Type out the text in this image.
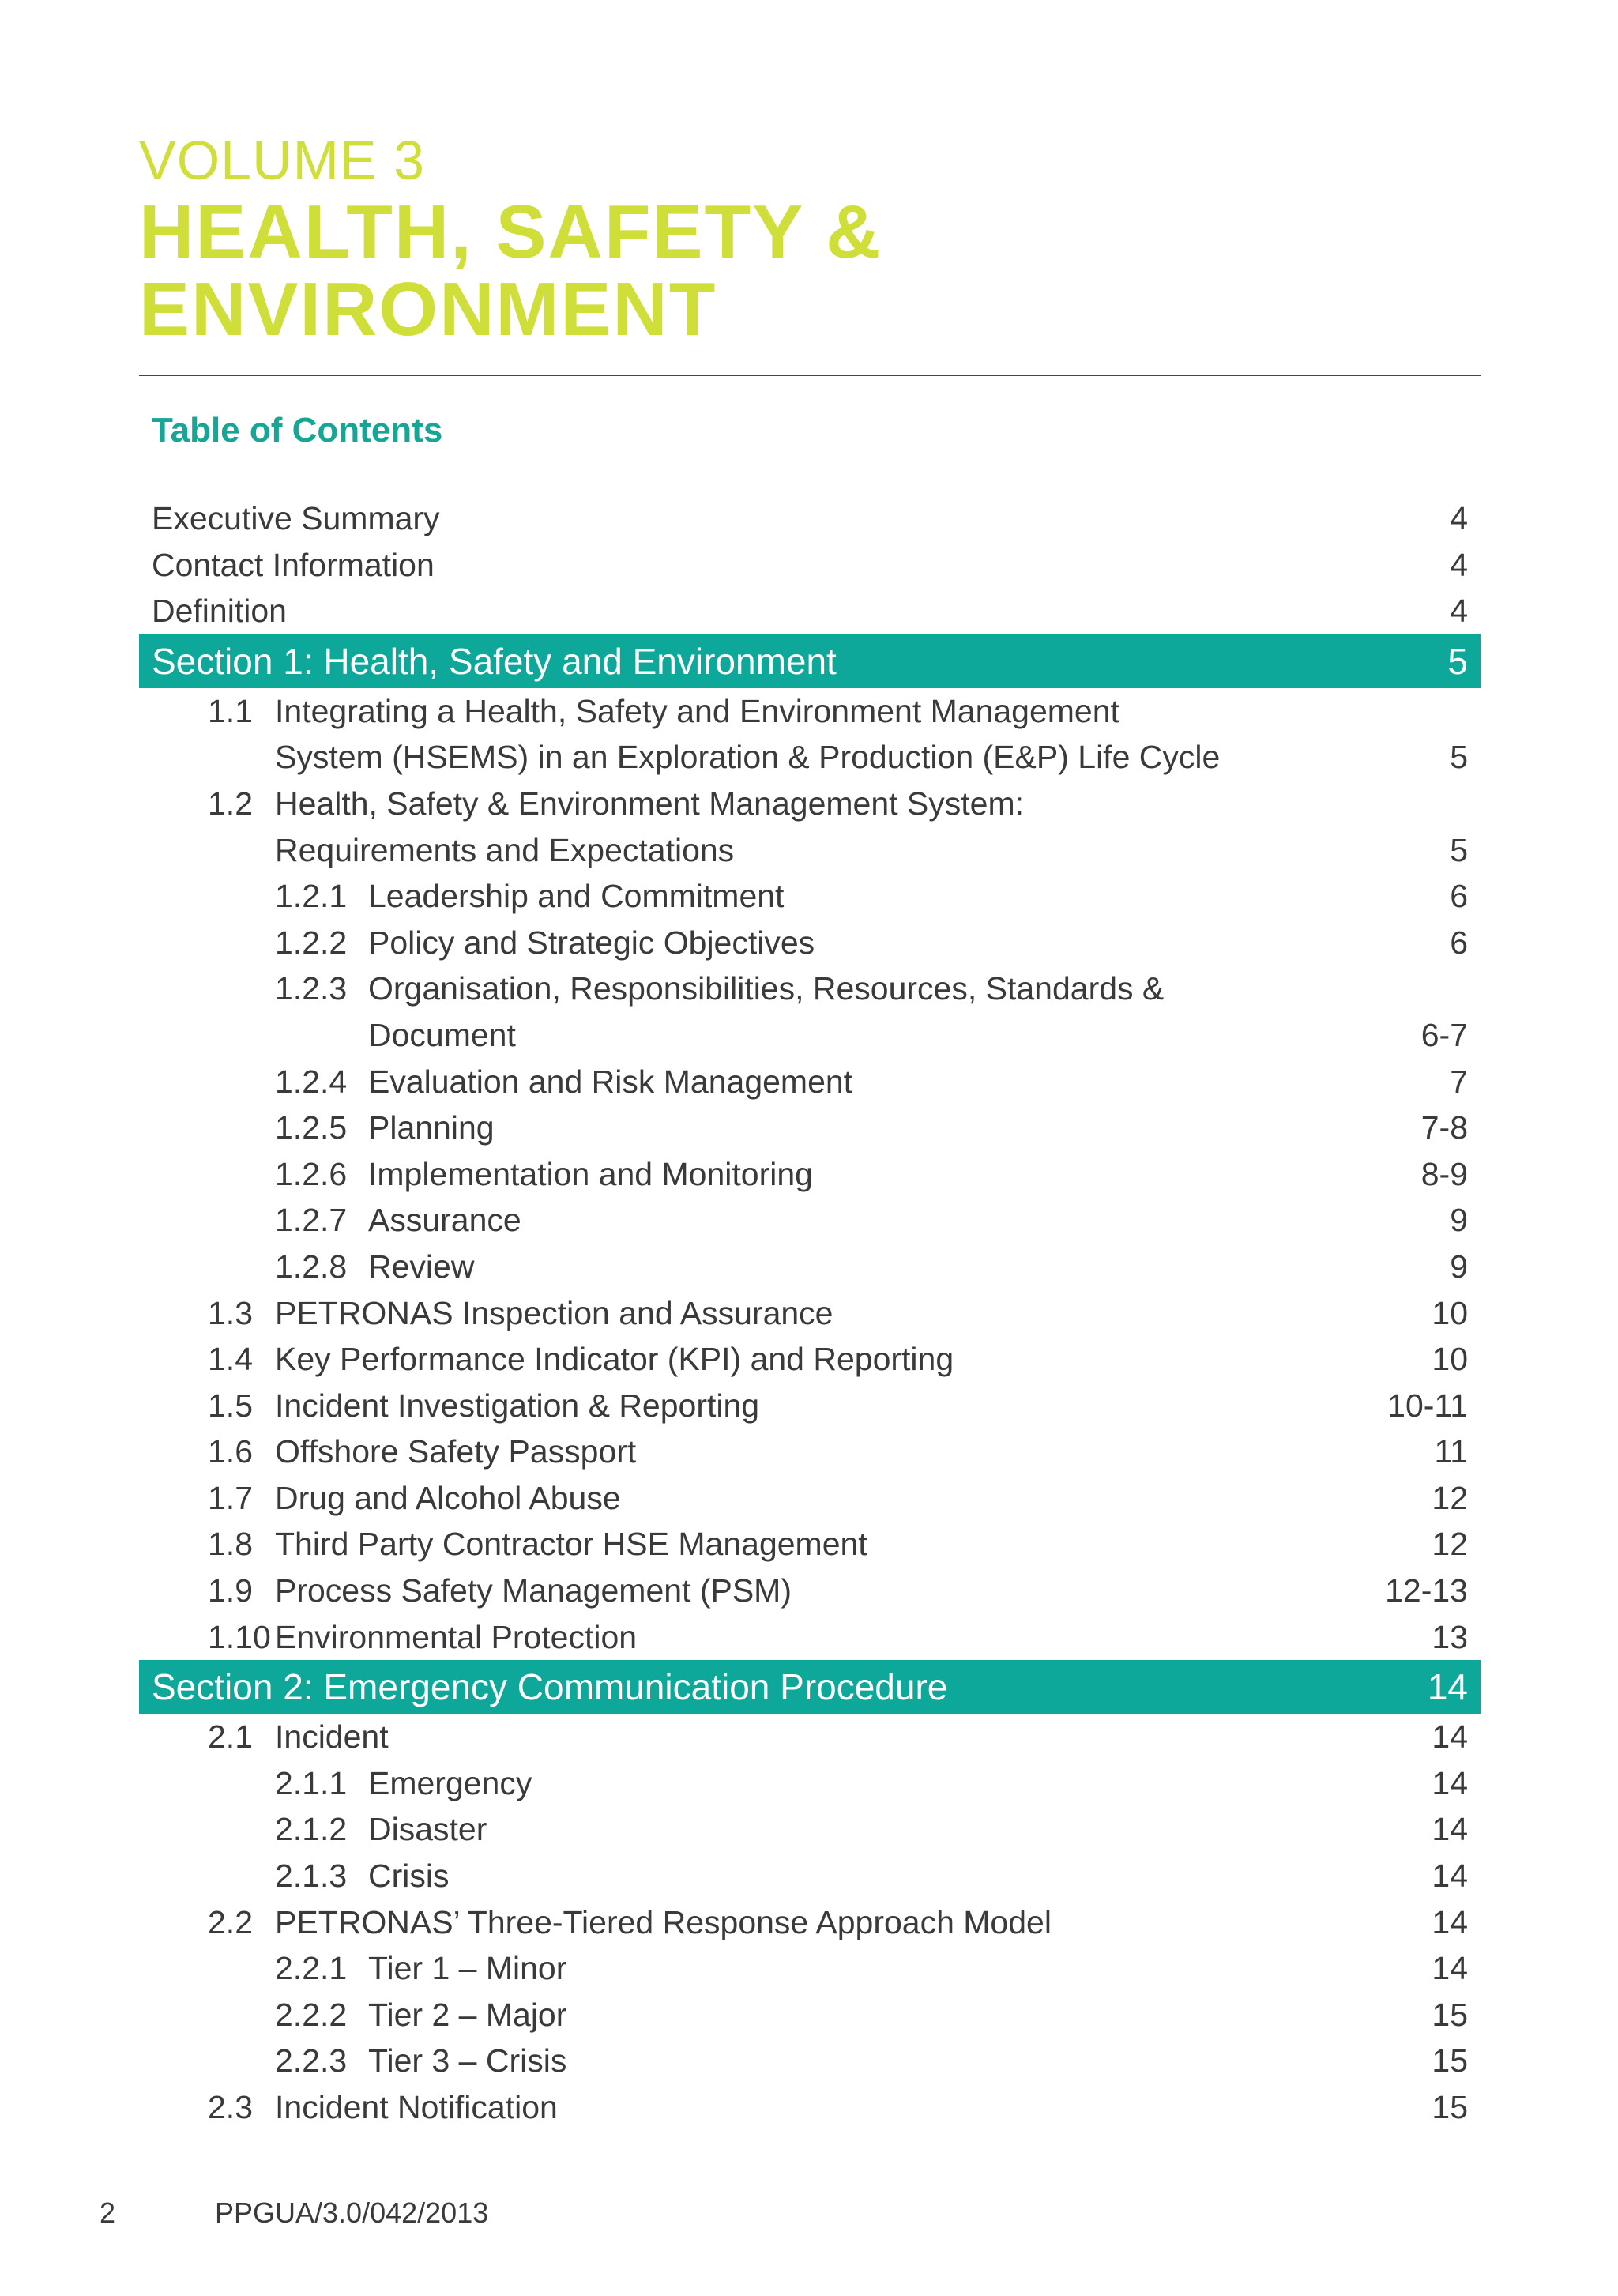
VOLUME 3
HEALTH, SAFETY & ENVIRONMENT
Table of Contents
Executive Summary	4
Contact Information	4
Definition	4
Section 1: Health, Safety and Environment	5
1.1 Integrating a Health, Safety and Environment Management
System (HSEMS) in an Exploration & Production (E&P) Life Cycle	5
1.2 Health, Safety & Environment Management System:
Requirements and Expectations	5
1.2.1 Leadership and Commitment	6
1.2.2 Policy and Strategic Objectives	6
1.2.3 Organisation, Responsibilities, Resources, Standards &
Document	6-7
1.2.4 Evaluation and Risk Management	7
1.2.5 Planning	7-8
1.2.6 Implementation and Monitoring	8-9
1.2.7 Assurance	9
1.2.8 Review	9
1.3 PETRONAS Inspection and Assurance	10
1.4 Key Performance Indicator (KPI) and Reporting	10
1.5 Incident Investigation & Reporting	10-11
1.6 Offshore Safety Passport	11
1.7 Drug and Alcohol Abuse	12
1.8 Third Party Contractor HSE Management	12
1.9 Process Safety Management (PSM)	12-13
1.10 Environmental Protection	13
Section 2: Emergency Communication Procedure	14
2.1 Incident	14
2.1.1 Emergency	14
2.1.2 Disaster	14
2.1.3 Crisis	14
2.2 PETRONAS’ Three-Tiered Response Approach Model	14
2.2.1 Tier 1 – Minor	14
2.2.2 Tier 2 – Major	15
2.2.3 Tier 3 – Crisis	15
2.3 Incident Notification	15
2	PPGUA/3.0/042/2013
